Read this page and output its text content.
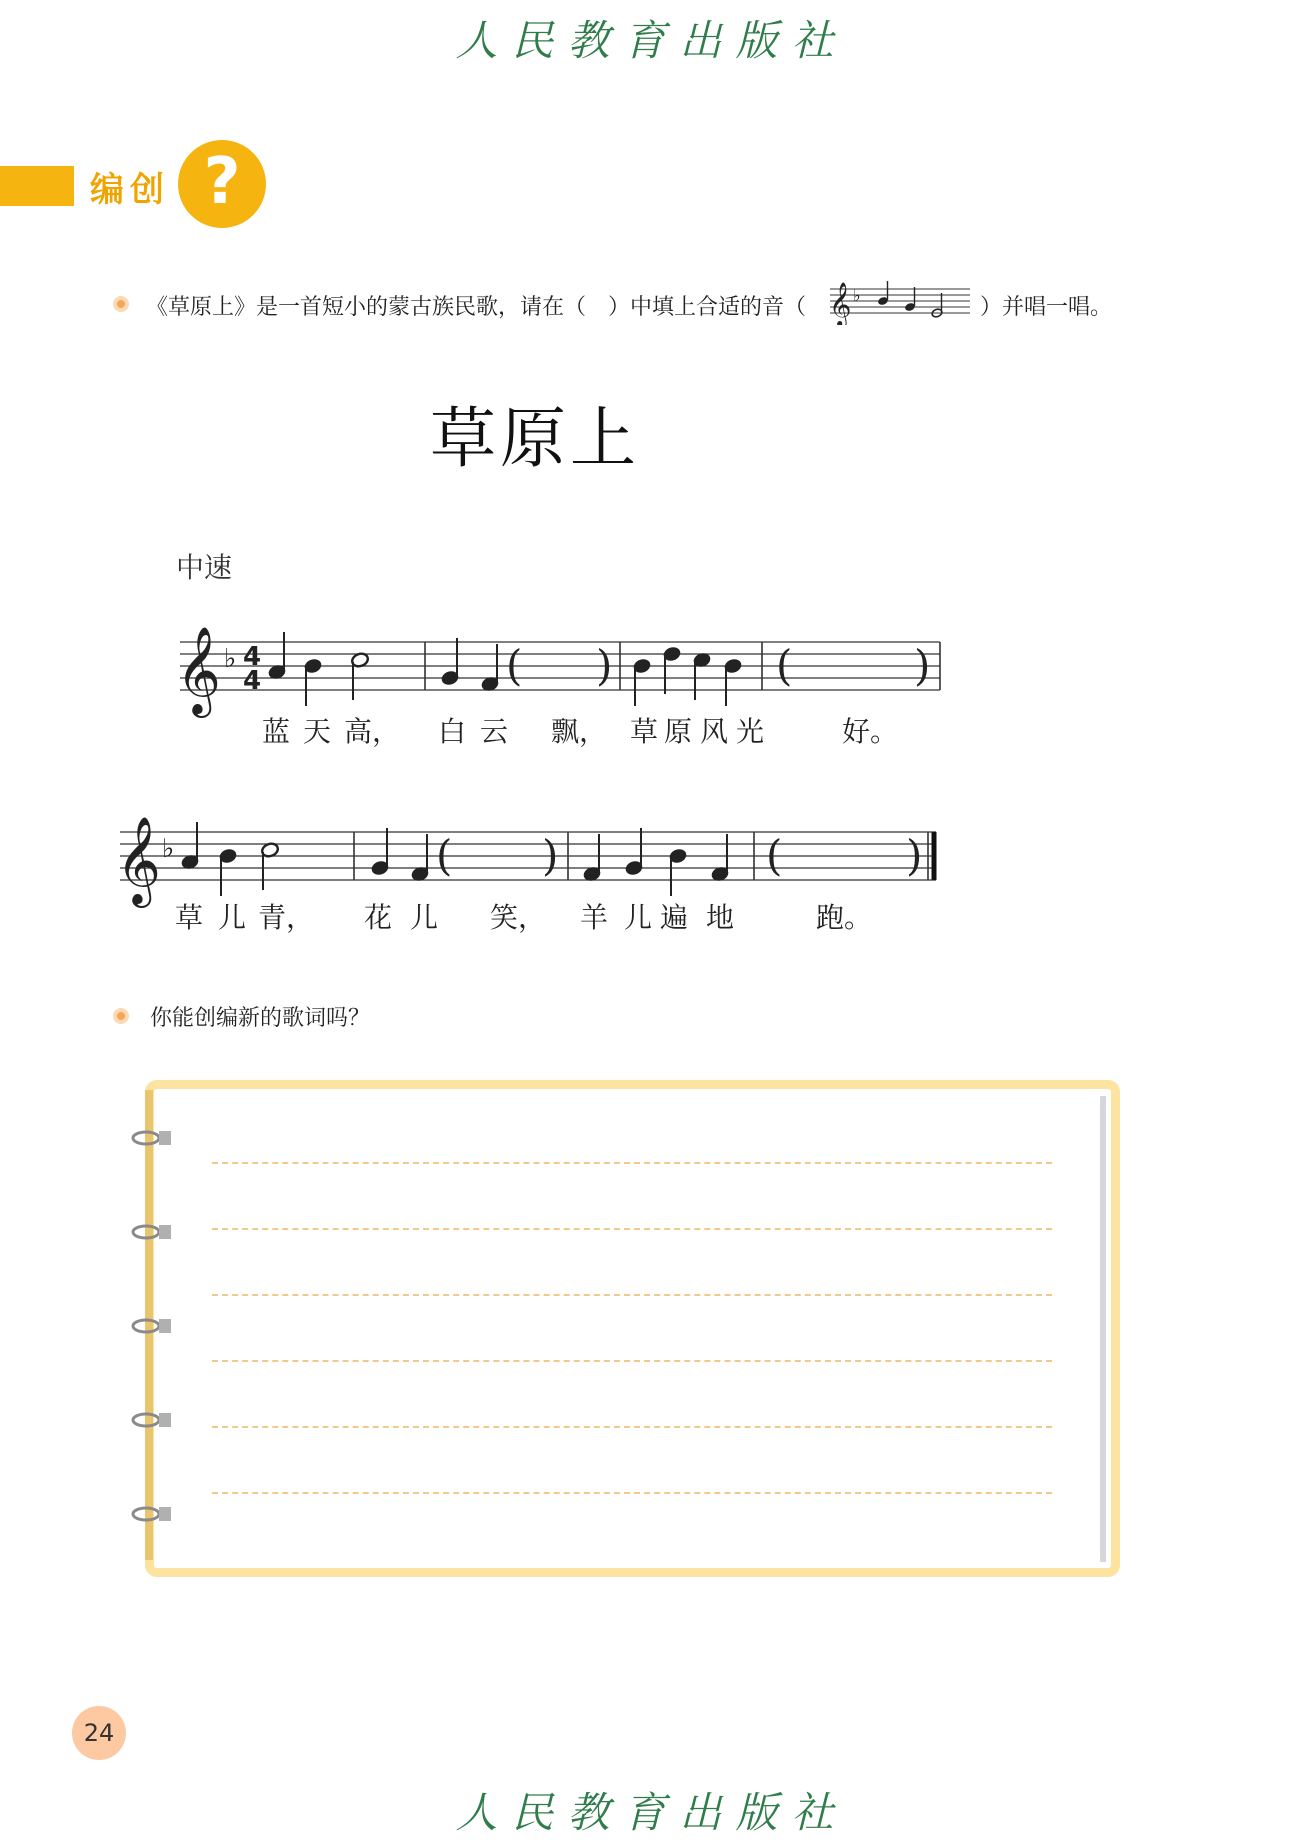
人民教育出版社
编创 ?
《草原上》是一首短小的蒙古族民歌，请在（　）中填上合适的音（ 𝄞 ♭	）并唱一唱。
草原上
中速
𝄞 ♭ 4
4	( )	(	)
蓝 天 高， 白 云 飘， 草 原 风 光	好。
𝄞 ♭	( )	(	)
草 儿 青， 花 儿 笑， 羊 儿 遍 地	跑。
你能创编新的歌词吗？
24
人民教育出版社
